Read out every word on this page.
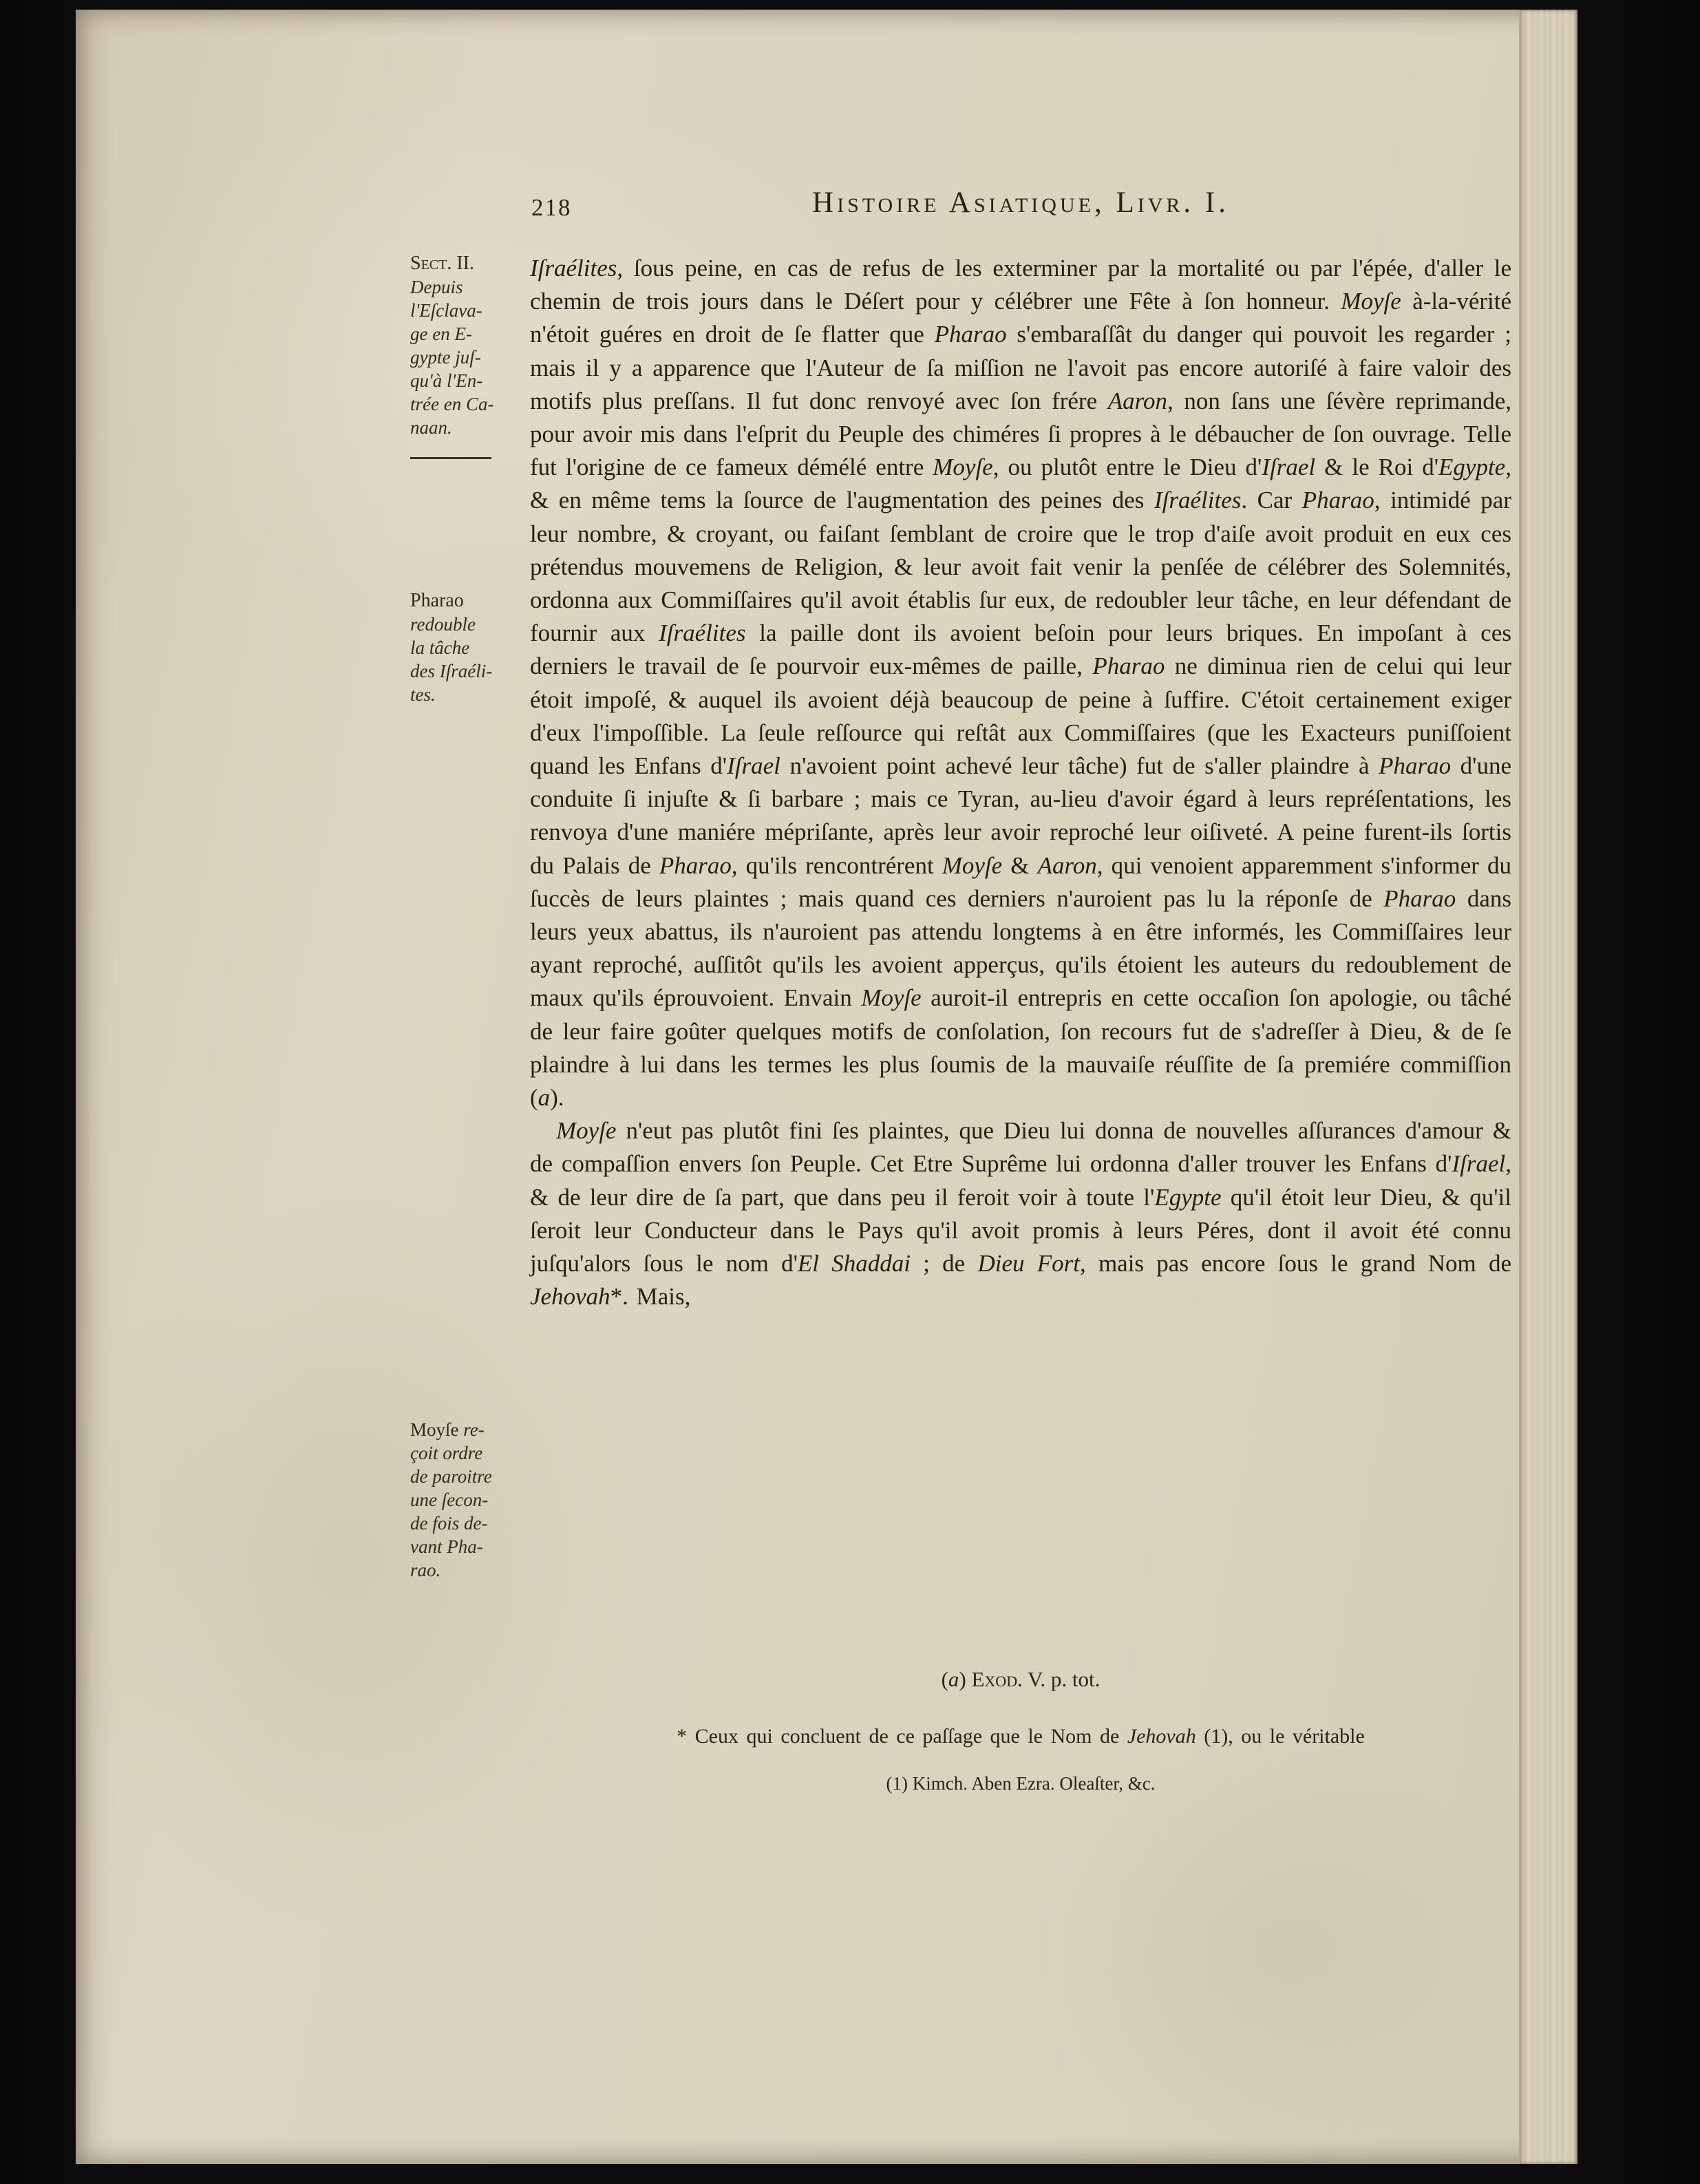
218	Histoire Asiatique, Livr. I.
Sect. II.
Depuis
l'Eſclava-
ge en E-
gypte juſ-
qu'à l'En-
trée en Ca-
naan.
Pharao
redouble
la tâche
des Iſraéli-
tes.
Moyſe re-
çoit ordre
de paroitre
une ſecon-
de fois de-
vant Pha-
rao.

Iſraélites, ſous peine, en cas de refus de les exterminer par la mortalité ou par l'épée, d'aller le chemin de trois jours dans le Déſert pour y célébrer une Fête à ſon honneur. Moyſe à-la-vérité n'étoit guéres en droit de ſe flatter que Pharao s'embaraſſât du danger qui pouvoit les regarder ; mais il y a apparence que l'Auteur de ſa miſſion ne l'avoit pas encore autoriſé à faire valoir des motifs plus preſſans. Il fut donc renvoyé avec ſon frére Aaron, non ſans une ſévère reprimande, pour avoir mis dans l'eſprit du Peuple des chiméres ſi propres à le débaucher de ſon ouvrage. Telle fut l'origine de ce fameux démélé entre Moyſe, ou plutôt entre le Dieu d'Iſrael & le Roi d'Egypte, & en même tems la ſource de l'augmentation des peines des Iſraélites. Car Pharao, intimidé par leur nombre, & croyant, ou faiſant ſemblant de croire que le trop d'aiſe avoit produit en eux ces prétendus mouvemens de Religion, & leur avoit fait venir la penſée de célébrer des Solemnités, ordonna aux Commiſſaires qu'il avoit établis ſur eux, de redoubler leur tâche, en leur défendant de fournir aux Iſraélites la paille dont ils avoient beſoin pour leurs briques. En impoſant à ces derniers le travail de ſe pourvoir eux-mêmes de paille, Pharao ne diminua rien de celui qui leur étoit impoſé, & auquel ils avoient déjà beaucoup de peine à ſuffire. C'étoit certainement exiger d'eux l'impoſſible. La ſeule reſſource qui reſtât aux Commiſſaires (que les Exacteurs puniſſoient quand les Enfans d'Iſrael n'avoient point achevé leur tâche) fut de s'aller plaindre à Pharao d'une conduite ſi injuſte & ſi barbare ; mais ce Tyran, au-lieu d'avoir égard à leurs repréſentations, les renvoya d'une maniére mépriſante, après leur avoir reproché leur oiſiveté. A peine furent-ils ſortis du Palais de Pharao, qu'ils rencontrérent Moyſe & Aaron, qui venoient apparemment s'informer du ſuccès de leurs plaintes ; mais quand ces derniers n'auroient pas lu la réponſe de Pharao dans leurs yeux abattus, ils n'auroient pas attendu longtems à en être informés, les Commiſſaires leur ayant reproché, auſſitôt qu'ils les avoient apperçus, qu'ils étoient les auteurs du redoublement de maux qu'ils éprouvoient. Envain Moyſe auroit-il entrepris en cette occaſion ſon apologie, ou tâché de leur faire goûter quelques motifs de conſolation, ſon recours fut de s'adreſſer à Dieu, & de ſe plaindre à lui dans les termes les plus ſoumis de la mauvaiſe réuſſite de ſa premiére commiſſion (a).

Moyſe n'eut pas plutôt fini ſes plaintes, que Dieu lui donna de nouvelles aſſurances d'amour & de compaſſion envers ſon Peuple. Cet Etre Suprême lui ordonna d'aller trouver les Enfans d'Iſrael, & de leur dire de ſa part, que dans peu il feroit voir à toute l'Egypte qu'il étoit leur Dieu, & qu'il ſeroit leur Conducteur dans le Pays qu'il avoit promis à leurs Péres, dont il avoit été connu juſqu'alors ſous le nom d'El Shaddai ; de Dieu Fort, mais pas encore ſous le grand Nom de Jehovah*. Mais,

(a) Exod. V. p. tot.
* Ceux qui concluent de ce paſſage que le Nom de Jehovah (1), ou le véritable
(1) Kimch. Aben Ezra. Oleaſter, &c.
